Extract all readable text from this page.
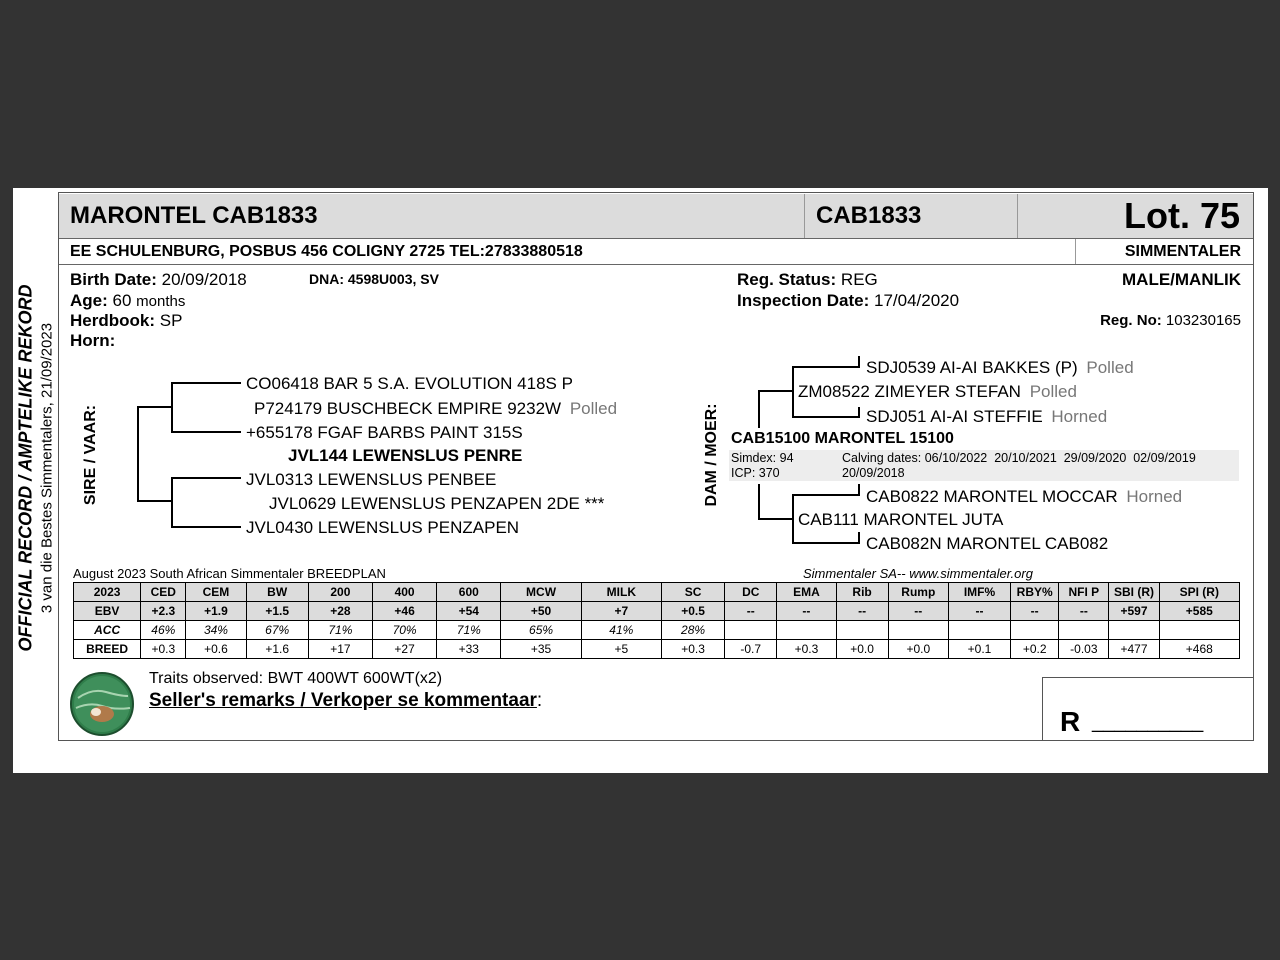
OFFICIAL RECORD / AMPTELIKE REKORD 3 van die Bestes Simmentalers, 21/09/2023
MARONTEL CAB1833	CAB1833	Lot. 75
EE SCHULENBURG, POSBUS 456 COLIGNY 2725 TEL:27833880518	SIMMENTALER
Birth Date: 20/09/2018	DNA: 4598U003, SV
Age: 60 months
Herdbook: SP
Horn:
Reg. Status: REG
Inspection Date: 17/04/2020
MALE/MANLIK
Reg. No: 103230165
SIRE / VAAR:
CO06418 BAR 5 S.A. EVOLUTION 418S P
P724179 BUSCHBECK EMPIRE 9232W Polled
+655178 FGAF BARBS PAINT 315S
JVL144 LEWENSLUS PENRE
JVL0313 LEWENSLUS PENBEE
JVL0629 LEWENSLUS PENZAPEN 2DE ***
JVL0430 LEWENSLUS PENZAPEN
DAM / MOER:
SDJ0539 AI-AI BAKKES (P) Polled
ZM08522 ZIMEYER STEFAN Polled
SDJ051 AI-AI STEFFIE Horned
CAB15100 MARONTEL 15100
Simdex: 94
ICP: 370
Calving dates: 06/10/2022  20/10/2021  29/09/2020  02/09/2019
20/09/2018
CAB0822 MARONTEL MOCCAR Horned
CAB111 MARONTEL JUTA
CAB082N MARONTEL CAB082
August 2023 South African Simmentaler BREEDPLAN	Simmentaler SA-- www.simmentaler.org
2023	CED	CEM	BW	200	400	600	MCW	MILK	SC	DC	EMA	Rib	Rump	IMF%	RBY%	NFI P	SBI (R)	SPI (R)
EBV	+2.3	+1.9	+1.5	+28	+46	+54	+50	+7	+0.5	--	--	--	--	--	--	--	+597	+585
ACC	46%	34%	67%	71%	70%	71%	65%	41%	28%									
BREED	+0.3	+0.6	+1.6	+17	+27	+33	+35	+5	+0.3	-0.7	+0.3	+0.0	+0.0	+0.1	+0.2	-0.03	+477	+468
Traits observed: BWT 400WT 600WT(x2)
Seller's remarks / Verkoper se kommentaar:
R __________
